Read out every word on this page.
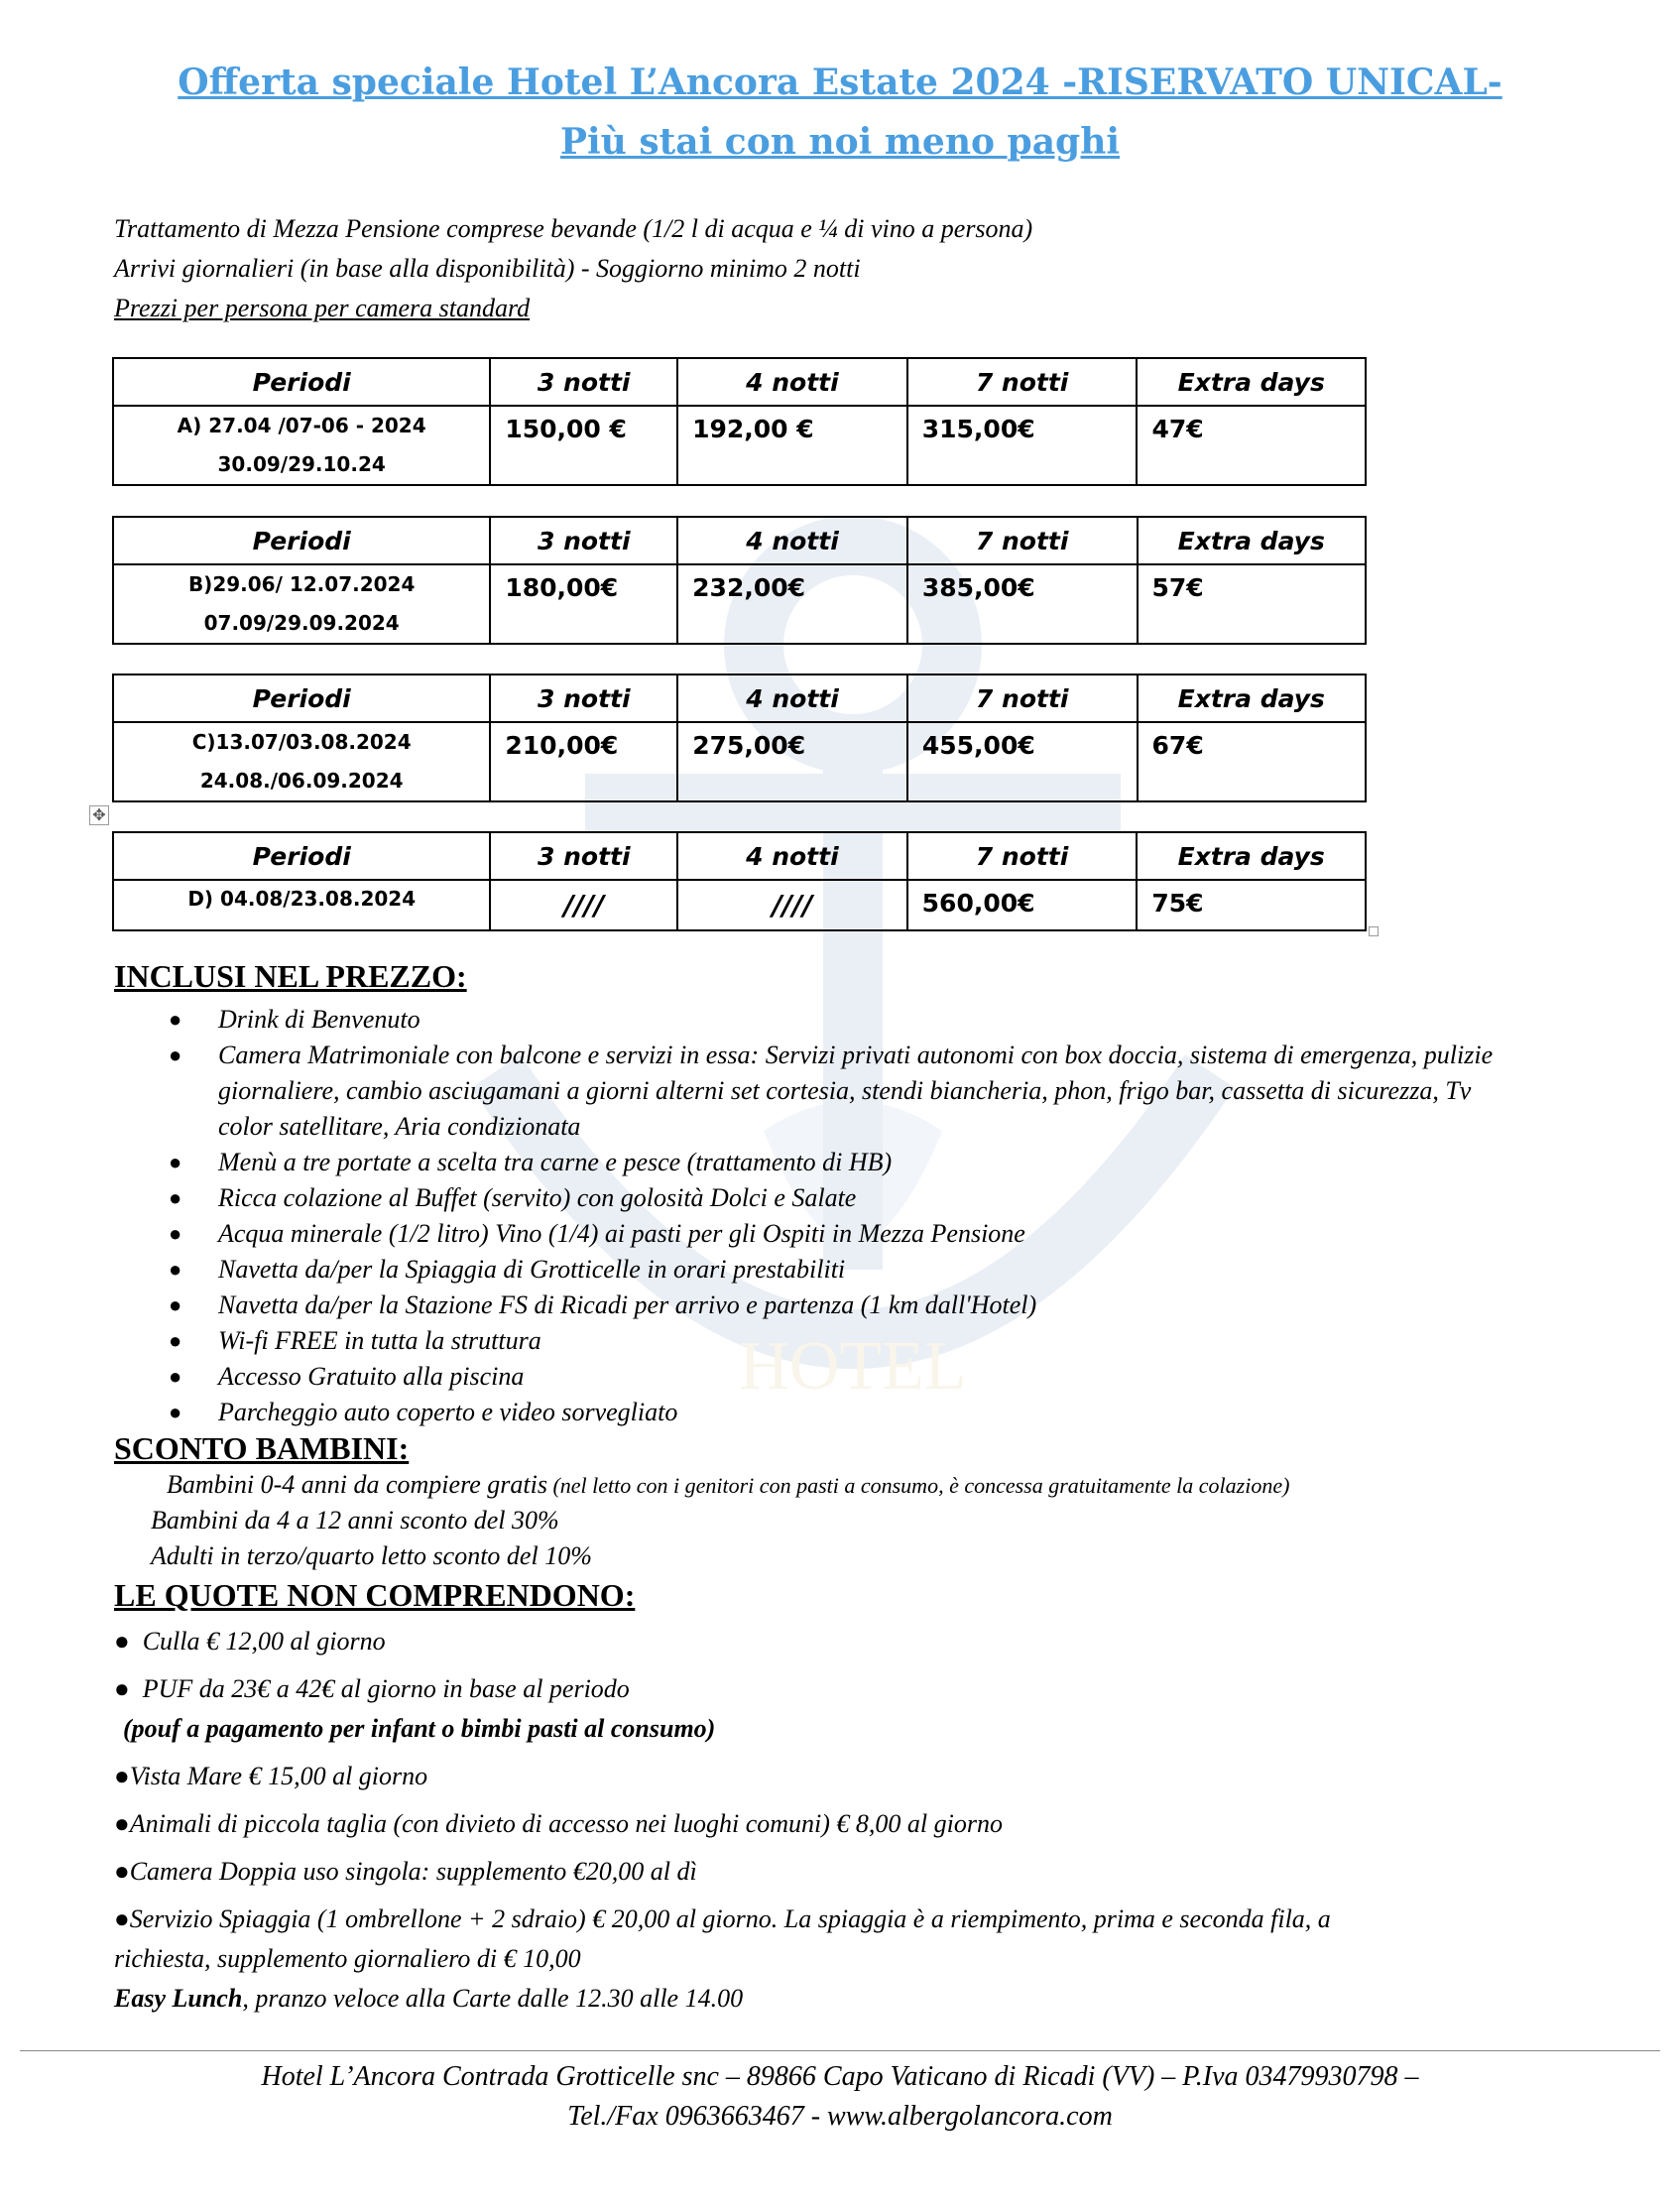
HOTEL
Offerta speciale Hotel L’Ancora Estate 2024 -RISERVATO UNICAL-
Più stai con noi meno paghi
Trattamento di Mezza Pensione comprese bevande (1/2 l di acqua e ¼ di vino a persona)
Arrivi giornalieri (in base alla disponibilità) - Soggiorno minimo 2 notti
Prezzi per persona per camera standard
Periodi	3 notti	4 notti	7 notti	Extra days

A) 27.04 /07-06 - 2024
30.09/29.10.24	150,00 €	192,00 €	315,00€	47€
Periodi	3 notti	4 notti	7 notti	Extra days

B)29.06/ 12.07.2024
07.09/29.09.2024	180,00€	232,00€	385,00€	57€
Periodi	3 notti	4 notti	7 notti	Extra days

C)13.07/03.08.2024
24.08./06.09.2024	210,00€	275,00€	455,00€	67€
✥
Periodi	3 notti	4 notti	7 notti	Extra days

D) 04.08/23.08.2024	////	////	560,00€	75€
INCLUSI NEL PREZZO:
● Drink di Benvenuto
● Camera Matrimoniale con balcone e servizi in essa: Servizi privati autonomi con box doccia, sistema di emergenza, pulizie giornaliere, cambio asciugamani a giorni alterni set cortesia, stendi biancheria, phon, frigo bar, cassetta di sicurezza, Tv color satellitare, Aria condizionata
● Menù a tre portate a scelta tra carne e pesce (trattamento di HB)
● Ricca colazione al Buffet (servito) con golosità Dolci e Salate
● Acqua minerale (1/2 litro) Vino (1/4) ai pasti per gli Ospiti in Mezza Pensione
● Navetta da/per la Spiaggia di Grotticelle in orari prestabiliti
● Navetta da/per la Stazione FS di Ricadi per arrivo e partenza (1 km dall'Hotel)
● Wi-fi FREE in tutta la struttura
● Accesso Gratuito alla piscina
● Parcheggio auto coperto e video sorvegliato
SCONTO BAMBINI:
Bambini 0-4 anni da compiere gratis (nel letto con i genitori con pasti a consumo, è concessa gratuitamente la colazione)
Bambini da 4 a 12 anni sconto del 30%
Adulti in terzo/quarto letto sconto del 10%
LE QUOTE NON COMPRENDONO:
● Culla € 12,00 al giorno
● PUF da 23€ a 42€ al giorno in base al periodo
(pouf a pagamento per infant o bimbi pasti al consumo)
●Vista Mare € 15,00 al giorno
●Animali di piccola taglia (con divieto di accesso nei luoghi comuni) € 8,00 al giorno
●Camera Doppia uso singola: supplemento €20,00 al dì
●Servizio Spiaggia (1 ombrellone + 2 sdraio) € 20,00 al giorno. La spiaggia è a riempimento, prima e seconda fila, a
richiesta, supplemento giornaliero di € 10,00
Easy Lunch, pranzo veloce alla Carte dalle 12.30 alle 14.00
Hotel L’Ancora Contrada Grotticelle snc – 89866 Capo Vaticano di Ricadi (VV) – P.Iva 03479930798 –
Tel./Fax 0963663467 - www.albergolancora.com
